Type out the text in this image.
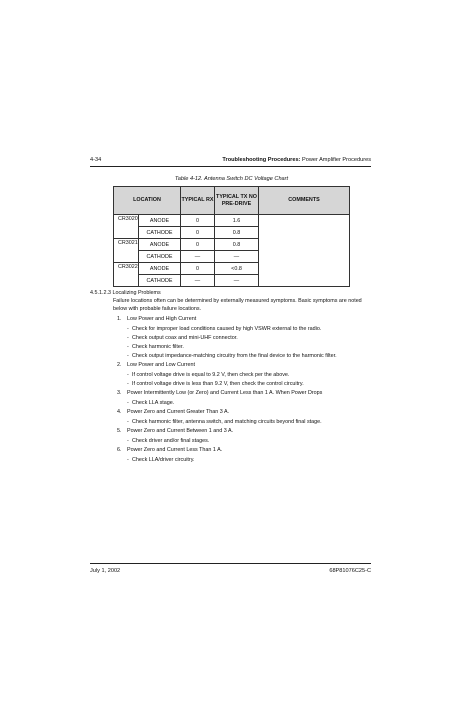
4-34	Troubleshooting Procedures: Power Amplifier Procedures
Table 4-12. Antenna Switch DC Voltage Chart
LOCATION		TYPICAL RX	TYPICAL TX NO PRE-DRIVE	COMMENTS
CR3020	ANODE	0	1.6	
	CATHODE	0	0.8	
CR3021	ANODE	0	0.8	
	CATHODE	—	—	
CR3022	ANODE	0	<0.8	
	CATHODE	—	—	
4.5.1.2.3 Localizing Problems
Failure locations often can be determined by externally measured symptoms. Basic symptoms are noted below with probable failure locations.
1. Low Power and High Current
- Check for improper load conditions caused by high VSWR external to the radio.
- Check output coax and mini-UHF connector.
- Check harmonic filter.
- Check output impedance-matching circuitry from the final device to the harmonic filter.
2. Low Power and Low Current
- If control voltage drive is equal to 9.2 V, then check per the above.
- If control voltage drive is less than 9.2 V, then check the control circuitry.
3. Power Intermittently Low (or Zero) and Current Less than 1 A. When Power Drops
- Check LLA stage.
4. Power Zero and Current Greater Than 3 A.
- Check harmonic filter, antenna switch, and matching circuits beyond final stage.
5. Power Zero and Current Between 1 and 3 A.
- Check driver and/or final stages.
6. Power Zero and Current Less Than 1 A.
- Check LLA/driver circuitry.
July 1, 2002	68P81076C25-C
